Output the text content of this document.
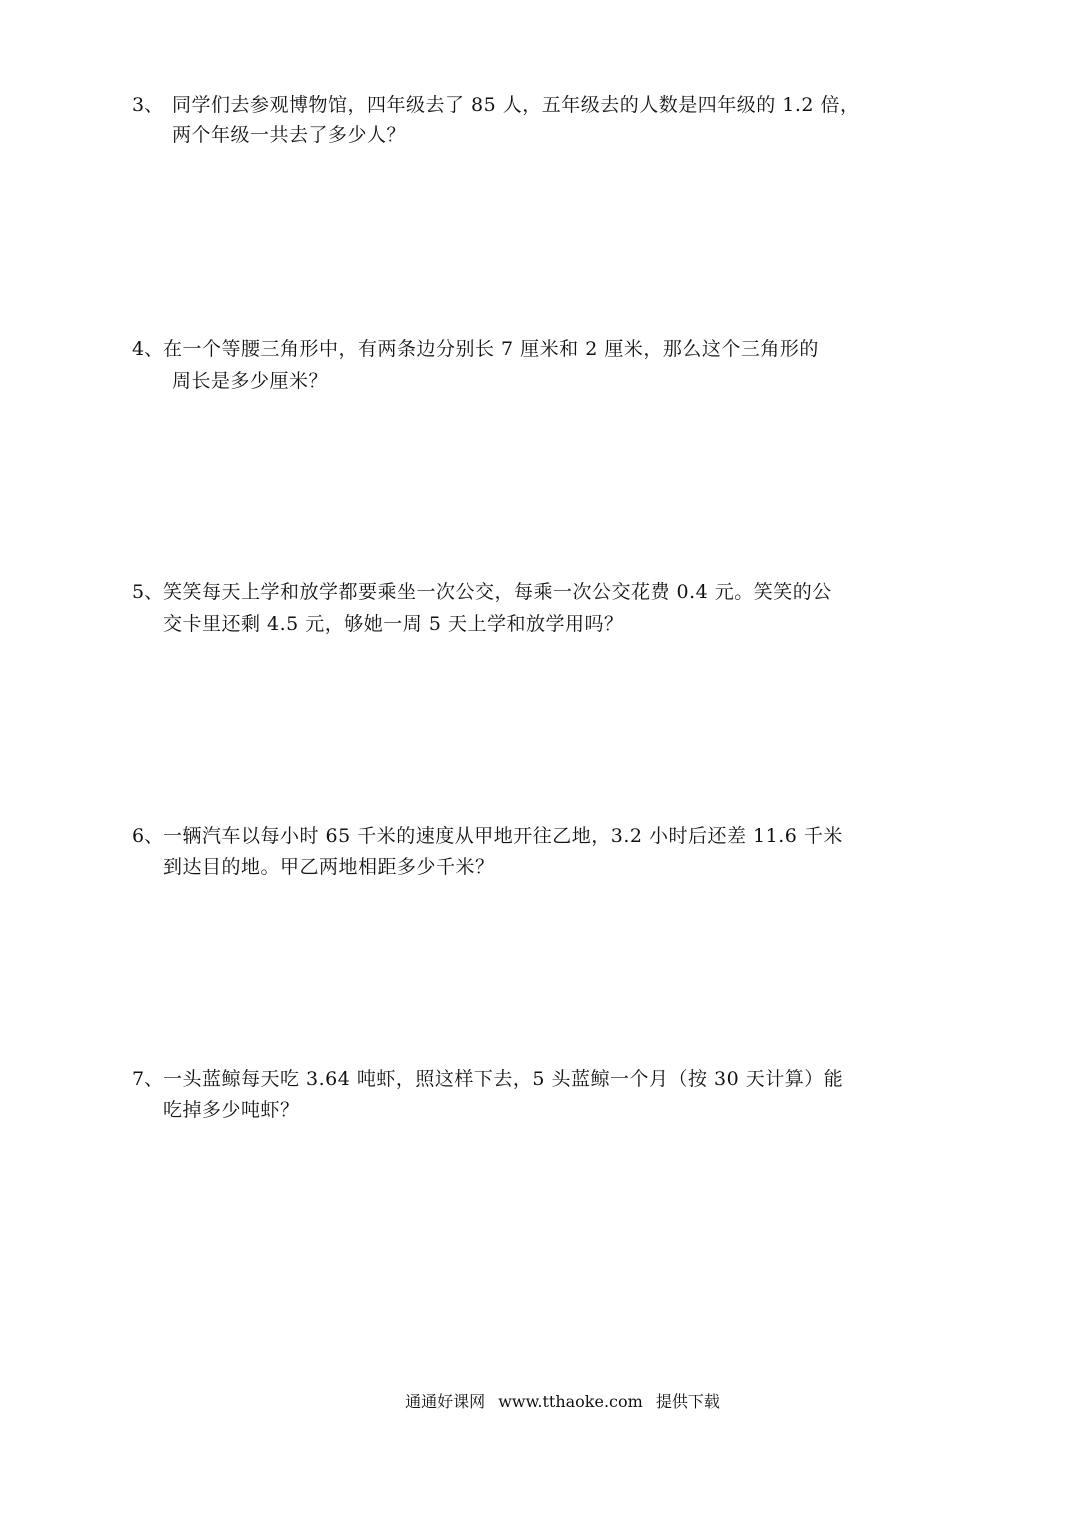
3、 同学们去参观博物馆，四年级去了 85 人，五年级去的人数是四年级的 1.2 倍，
两个年级一共去了多少人？
4、 在一个等腰三角形中，有两条边分别长 7 厘米和 2 厘米，那么这个三角形的
周长是多少厘米？
5、 笑笑每天上学和放学都要乘坐一次公交，每乘一次公交花费 0.4 元。笑笑的公
交卡里还剩 4.5 元，够她一周 5 天上学和放学用吗？
6、 一辆汽车以每小时 65 千米的速度从甲地开往乙地，3.2 小时后还差 11.6 千米
到达目的地。甲乙两地相距多少千米？
7、 一头蓝鲸每天吃 3.64 吨虾，照这样下去，5 头蓝鲸一个月（按 30 天计算）能
吃掉多少吨虾？
通通好课网 www.tthaoke.com 提供下载
